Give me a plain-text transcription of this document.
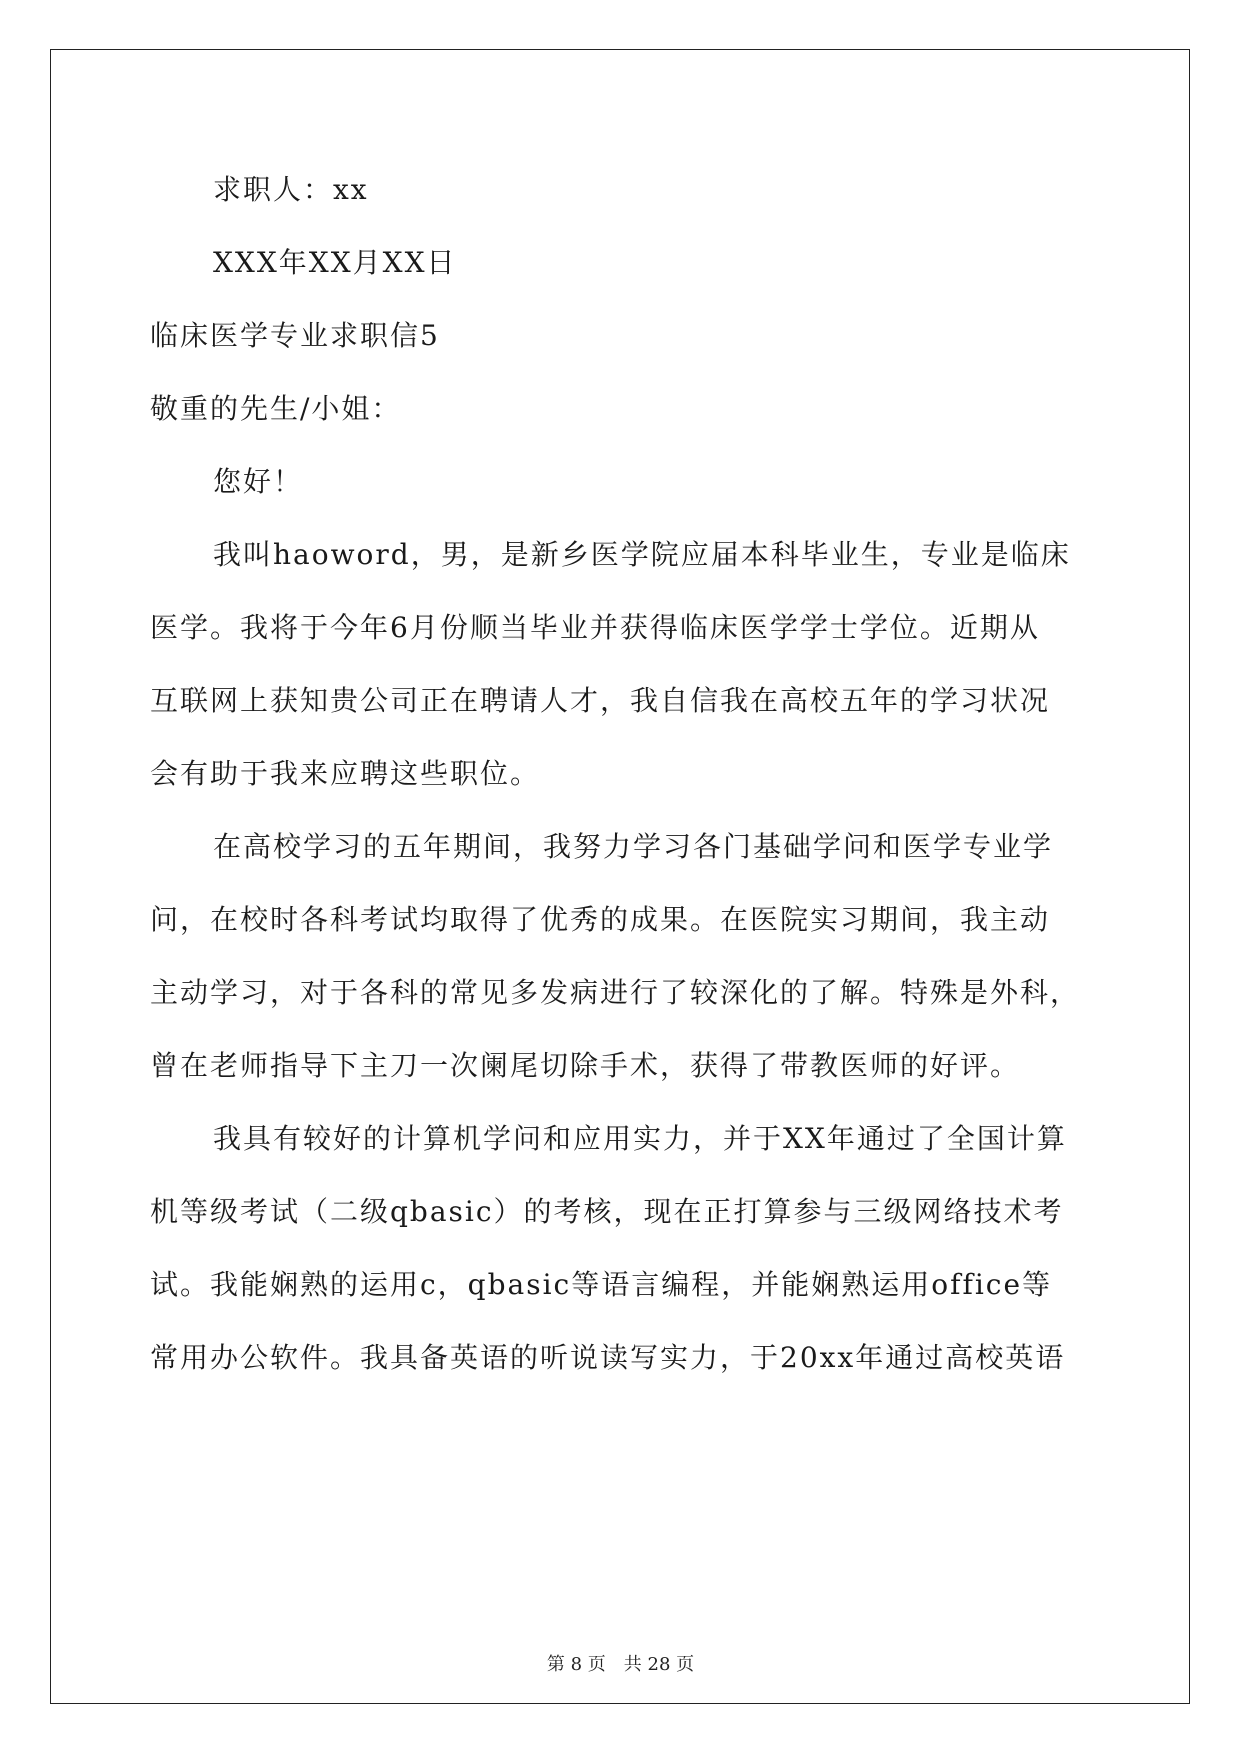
求职人：xx
XXX年XX月XX日
临床医学专业求职信5
敬重的先生/小姐：
您好！
我叫haoword，男，是新乡医学院应届本科毕业生，专业是临床
医学。我将于今年6月份顺当毕业并获得临床医学学士学位。近期从
互联网上获知贵公司正在聘请人才，我自信我在高校五年的学习状况
会有助于我来应聘这些职位。
在高校学习的五年期间，我努力学习各门基础学问和医学专业学
问，在校时各科考试均取得了优秀的成果。在医院实习期间，我主动
主动学习，对于各科的常见多发病进行了较深化的了解。特殊是外科，
曾在老师指导下主刀一次阑尾切除手术，获得了带教医师的好评。
我具有较好的计算机学问和应用实力，并于XX年通过了全国计算
机等级考试（二级qbasic）的考核，现在正打算参与三级网络技术考
试。我能娴熟的运用c，qbasic等语言编程，并能娴熟运用office等
常用办公软件。我具备英语的听说读写实力，于20xx年通过高校英语
第 8 页　共 28 页
